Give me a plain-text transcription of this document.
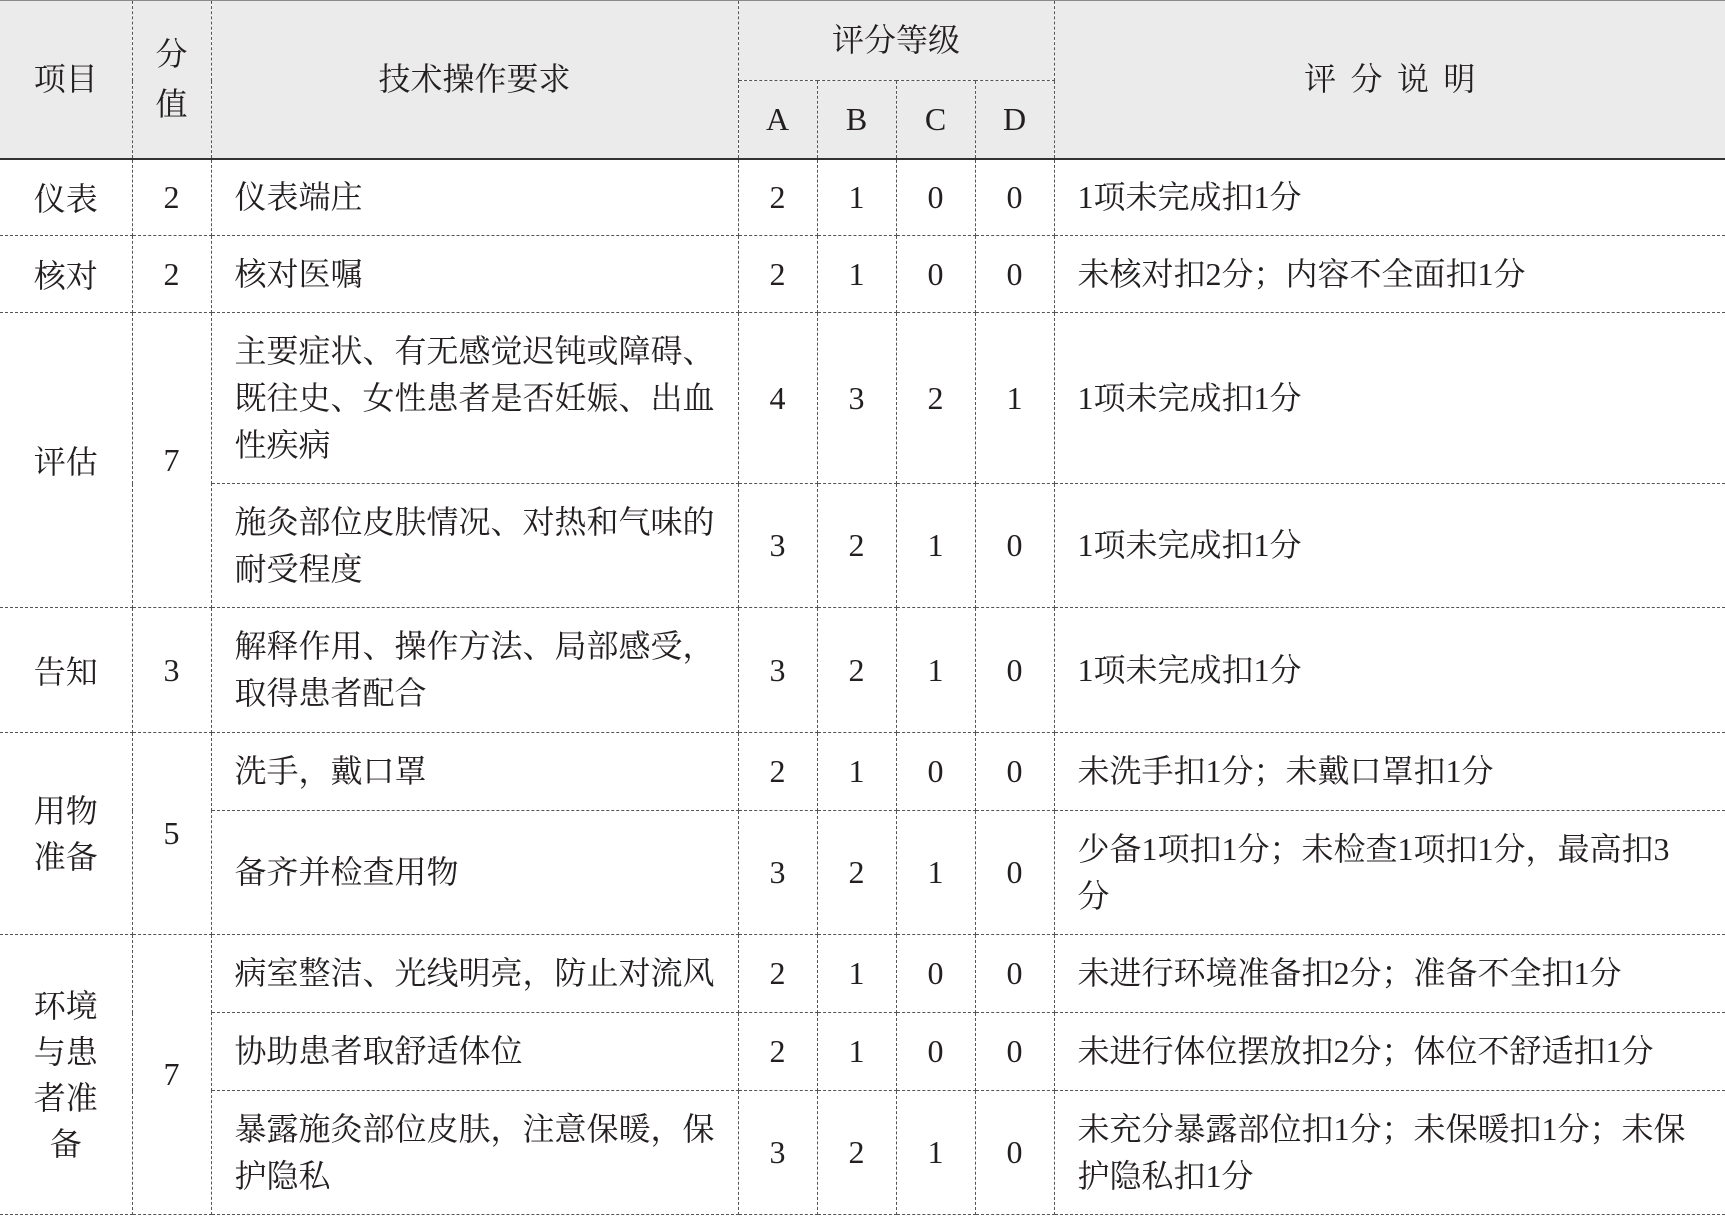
项目	分值	技术操作要求	评分等级				评分说明
			A	B	C	D	
仪表	2	仪表端庄	2	1	0	0	1项未完成扣1分
核对	2	核对医嘱	2	1	0	0	未核对扣2分；内容不全面扣1分
评估	7	主要症状、有无感觉迟钝或障碍、既往史、女性患者是否妊娠、出血性疾病	4	3	2	1	1项未完成扣1分
		施灸部位皮肤情况、对热和气味的耐受程度	3	2	1	0	1项未完成扣1分
告知	3	解释作用、操作方法、局部感受，取得患者配合	3	2	1	0	1项未完成扣1分
用物准备	5	洗手，戴口罩	2	1	0	0	未洗手扣1分；未戴口罩扣1分
		备齐并检查用物	3	2	1	0	少备1项扣1分；未检查1项扣1分，最高扣3分
环境与患者准备	7	病室整洁、光线明亮，防止对流风	2	1	0	0	未进行环境准备扣2分；准备不全扣1分
		协助患者取舒适体位	2	1	0	0	未进行体位摆放扣2分；体位不舒适扣1分
		暴露施灸部位皮肤，注意保暖，保护隐私	3	2	1	0	未充分暴露部位扣1分；未保暖扣1分；未保护隐私扣1分
